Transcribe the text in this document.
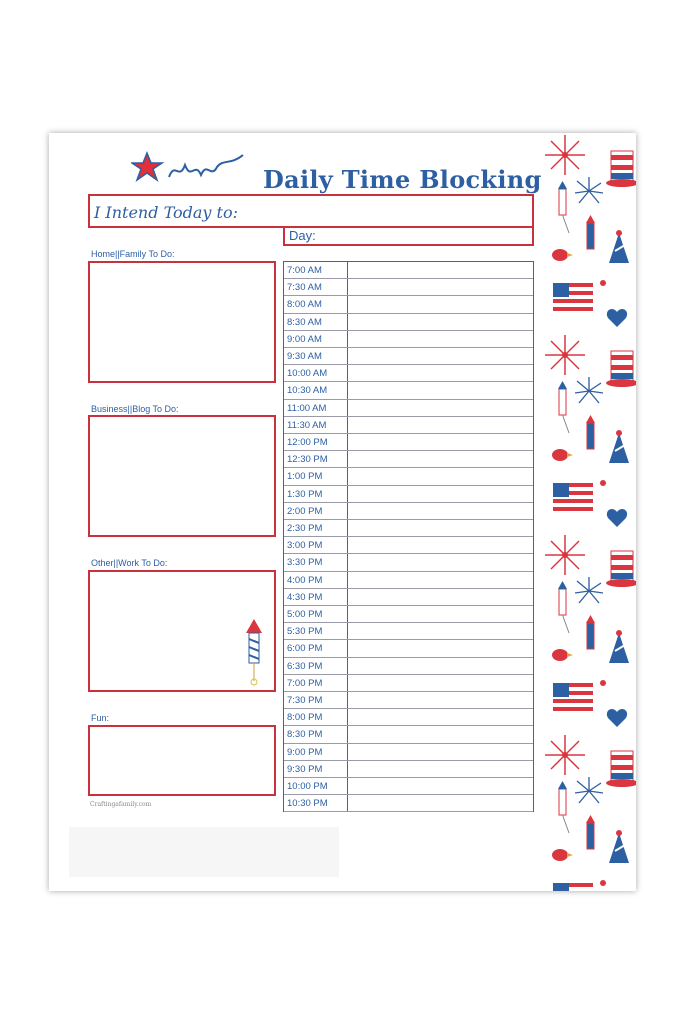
Daily Time Blocking
I Intend Today to:
Day:
Home||Family To Do:
Business||Blog To Do:
Other||Work To Do:
Fun:
7:00 AM
7:30 AM
8:00 AM
8:30 AM
9:00 AM
9:30 AM
10:00 AM
10:30 AM
11:00 AM
11:30 AM
12:00 PM
12:30 PM
1:00 PM
1:30 PM
2:00 PM
2:30 PM
3:00 PM
3:30 PM
4:00 PM
4:30 PM
5:00 PM
5:30 PM
6:00 PM
6:30 PM
7:00 PM
7:30 PM
8:00 PM
8:30 PM
9:00 PM
9:30 PM
10:00 PM
10:30 PM
Craftingafamily.com
